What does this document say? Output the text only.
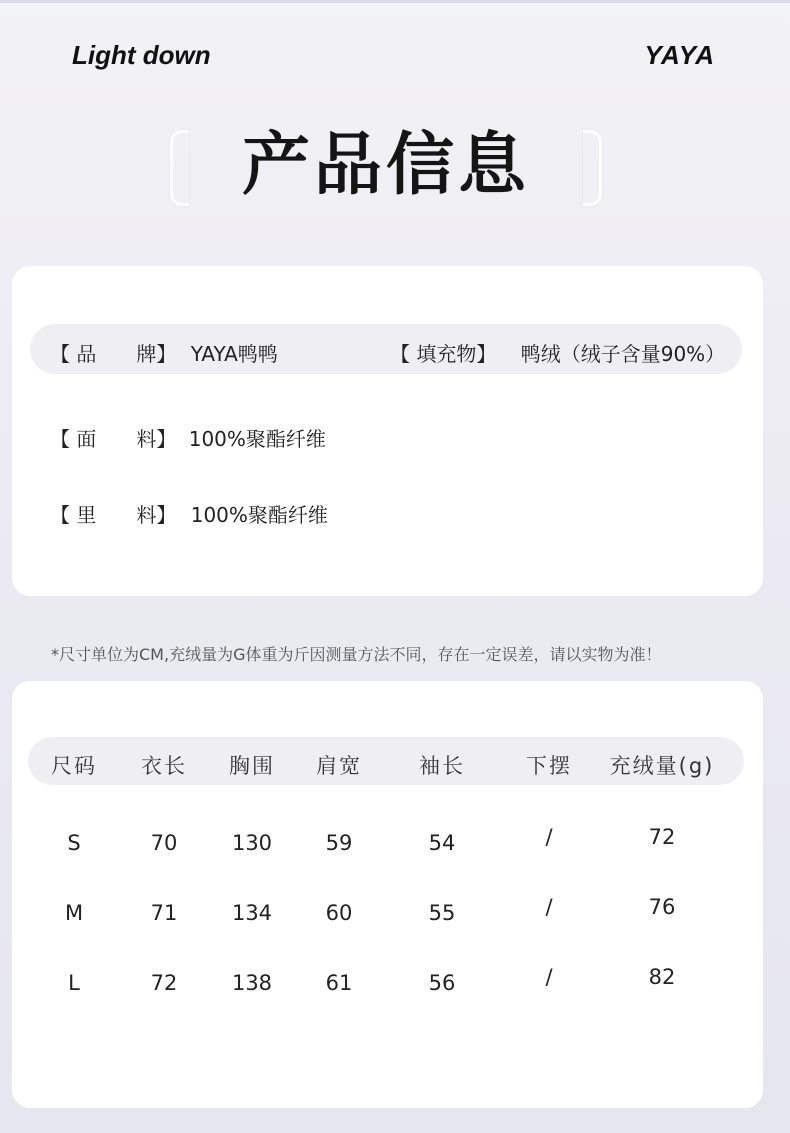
Light down	YAYA
产品信息
【 品　　牌】 YAYA鸭鸭	【 填充物】 鸭绒（绒子含量90%）
【 面　　料】 100%聚酯纤维
【 里　　料】 100%聚酯纤维
*尺寸单位为CM,充绒量为G体重为斤因测量方法不同，存在一定误差，请以实物为准！
尺码 衣长 胸围 肩宽	袖长	下摆 充绒量(g)
S	70	130	59	54	/	72
M	71	134	60	55	/	76
L	72	138	61	56	/	82
